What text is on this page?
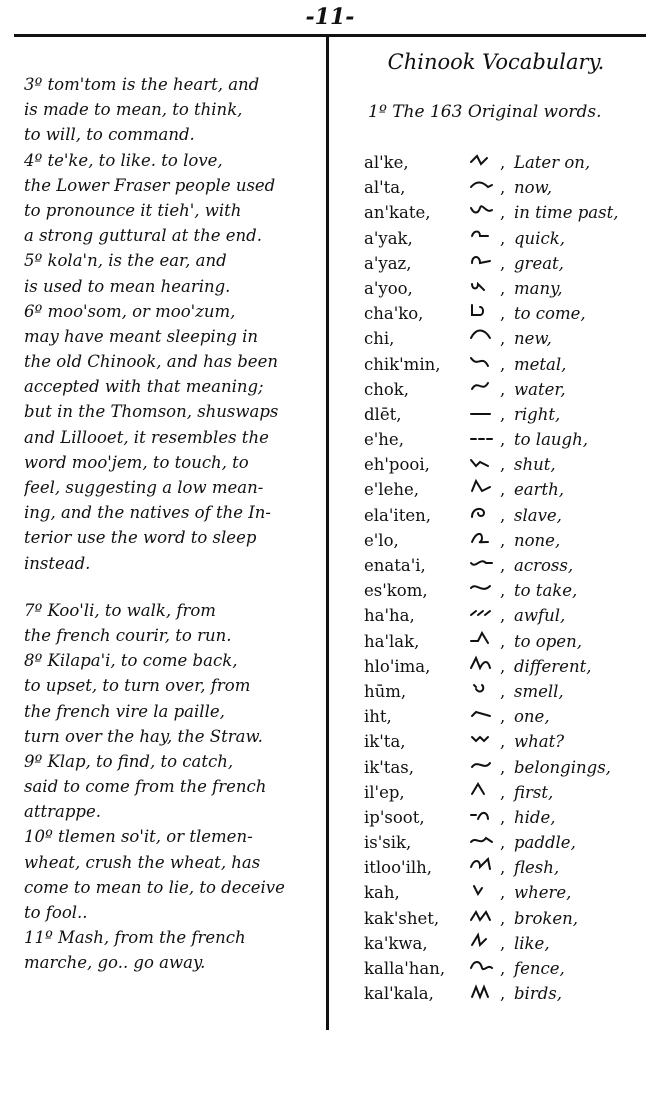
-11-
3º tom'tom is the heart, and
is made to mean, to think,
to will, to command.
4º te'ke, to like. to love,
the Lower Fraser people used
to pronounce it tieh', with
a strong guttural at the end.
5º kola'n, is the ear, and
is used to mean hearing.
6º moo'som, or moo'zum,
may have meant sleeping in
the old Chinook, and has been
accepted with that meaning;
but in the Thomson, shuswaps
and Lillooet, it resembles the
word moo'jem, to touch, to
feel, suggesting a low mean-
ing, and the natives of the In-
terior use the word to sleep
instead.
7º Koo'li, to walk, from
the french courir, to run.
8º Kilapa'i, to come back,
to upset, to turn over, from
the french vire la paille,
turn over the hay, the Straw.
9º Klap, to find, to catch,
said to come from the french
attrappe.
10º tlemen so'it, or tlemen-
wheat, crush the wheat, has
come to mean to lie, to deceive
to fool..
11º Mash, from the french
marche, go.. go away.
Chinook Vocabulary.
1º The 163 Original words.
al'ke,	, Later on,
al'ta,	, now,
an'kate,	, in time past,
a'yak,	, quick,
a'yaz,	, great,
a'yoo,	, many,
cha'ko,	, to come,
chi,	, new,
chik'min,	, metal,
chok,	, water,
dlēt,	, right,
e'he,	, to laugh,
eh'pooi,	, shut,
e'lehe,	, earth,
ela'iten,	, slave,
e'lo,	, none,
enata'i,	, across,
es'kom,	, to take,
ha'ha,	, awful,
ha'lak,	, to open,
hlo'ima,	, different,
hūm,	, smell,
iht,	, one,
ik'ta,	, what?
ik'tas,	, belongings,
il'ep,	, first,
ip'soot,	, hide,
is'sik,	, paddle,
itloo'ilh,	, flesh,
kah,	, where,
kak'shet,	, broken,
ka'kwa,	, like,
kalla'han,	, fence,
kal'kala,	, birds,
